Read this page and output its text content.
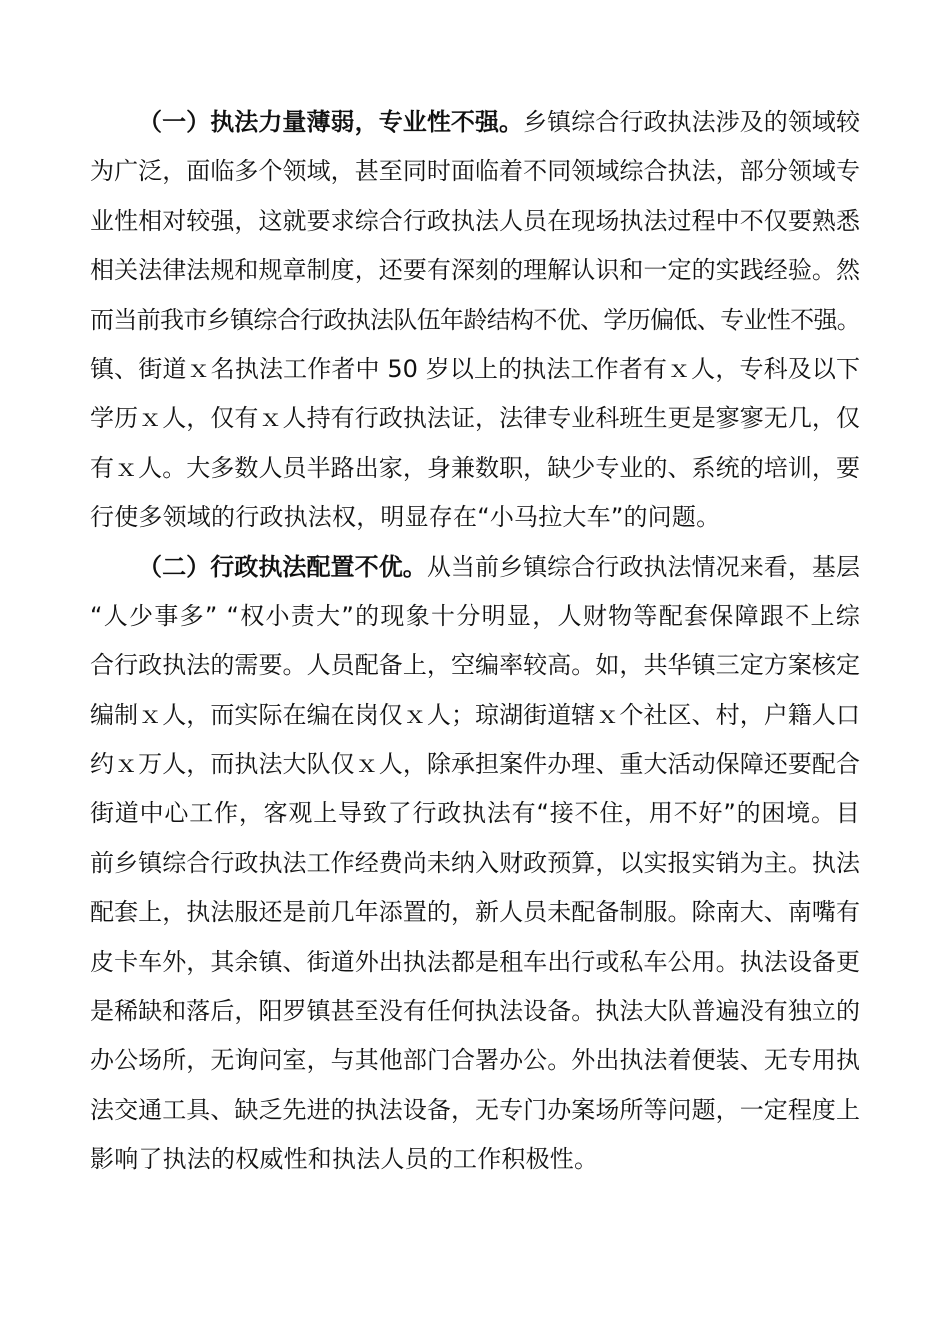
（一）执法力量薄弱，专业性不强。乡镇综合行政执法涉及的领域较
为广泛，面临多个领域，甚至同时面临着不同领域综合执法，部分领域专
业性相对较强，这就要求综合行政执法人员在现场执法过程中不仅要熟悉
相关法律法规和规章制度，还要有深刻的理解认识和一定的实践经验。然
而当前我市乡镇综合行政执法队伍年龄结构不优、学历偏低、专业性不强。
镇、街道ｘ名执法工作者中 50 岁以上的执法工作者有ｘ人，专科及以下
学历ｘ人，仅有ｘ人持有行政执法证，法律专业科班生更是寥寥无几，仅
有ｘ人。大多数人员半路出家，身兼数职，缺少专业的、系统的培训，要
行使多领域的行政执法权，明显存在“小马拉大车”的问题。
（二）行政执法配置不优。从当前乡镇综合行政执法情况来看，基层
“人少事多” “权小责大”的现象十分明显，人财物等配套保障跟不上综
合行政执法的需要。人员配备上，空编率较高。如，共华镇三定方案核定
编制ｘ人，而实际在编在岗仅ｘ人；琼湖街道辖ｘ个社区、村，户籍人口
约ｘ万人，而执法大队仅ｘ人，除承担案件办理、重大活动保障还要配合
街道中心工作，客观上导致了行政执法有“接不住，用不好”的困境。目
前乡镇综合行政执法工作经费尚未纳入财政预算，以实报实销为主。执法
配套上，执法服还是前几年添置的，新人员未配备制服。除南大、南嘴有
皮卡车外，其余镇、街道外出执法都是租车出行或私车公用。执法设备更
是稀缺和落后，阳罗镇甚至没有任何执法设备。执法大队普遍没有独立的
办公场所，无询问室，与其他部门合署办公。外出执法着便装、无专用执
法交通工具、缺乏先进的执法设备，无专门办案场所等问题，一定程度上
影响了执法的权威性和执法人员的工作积极性。
